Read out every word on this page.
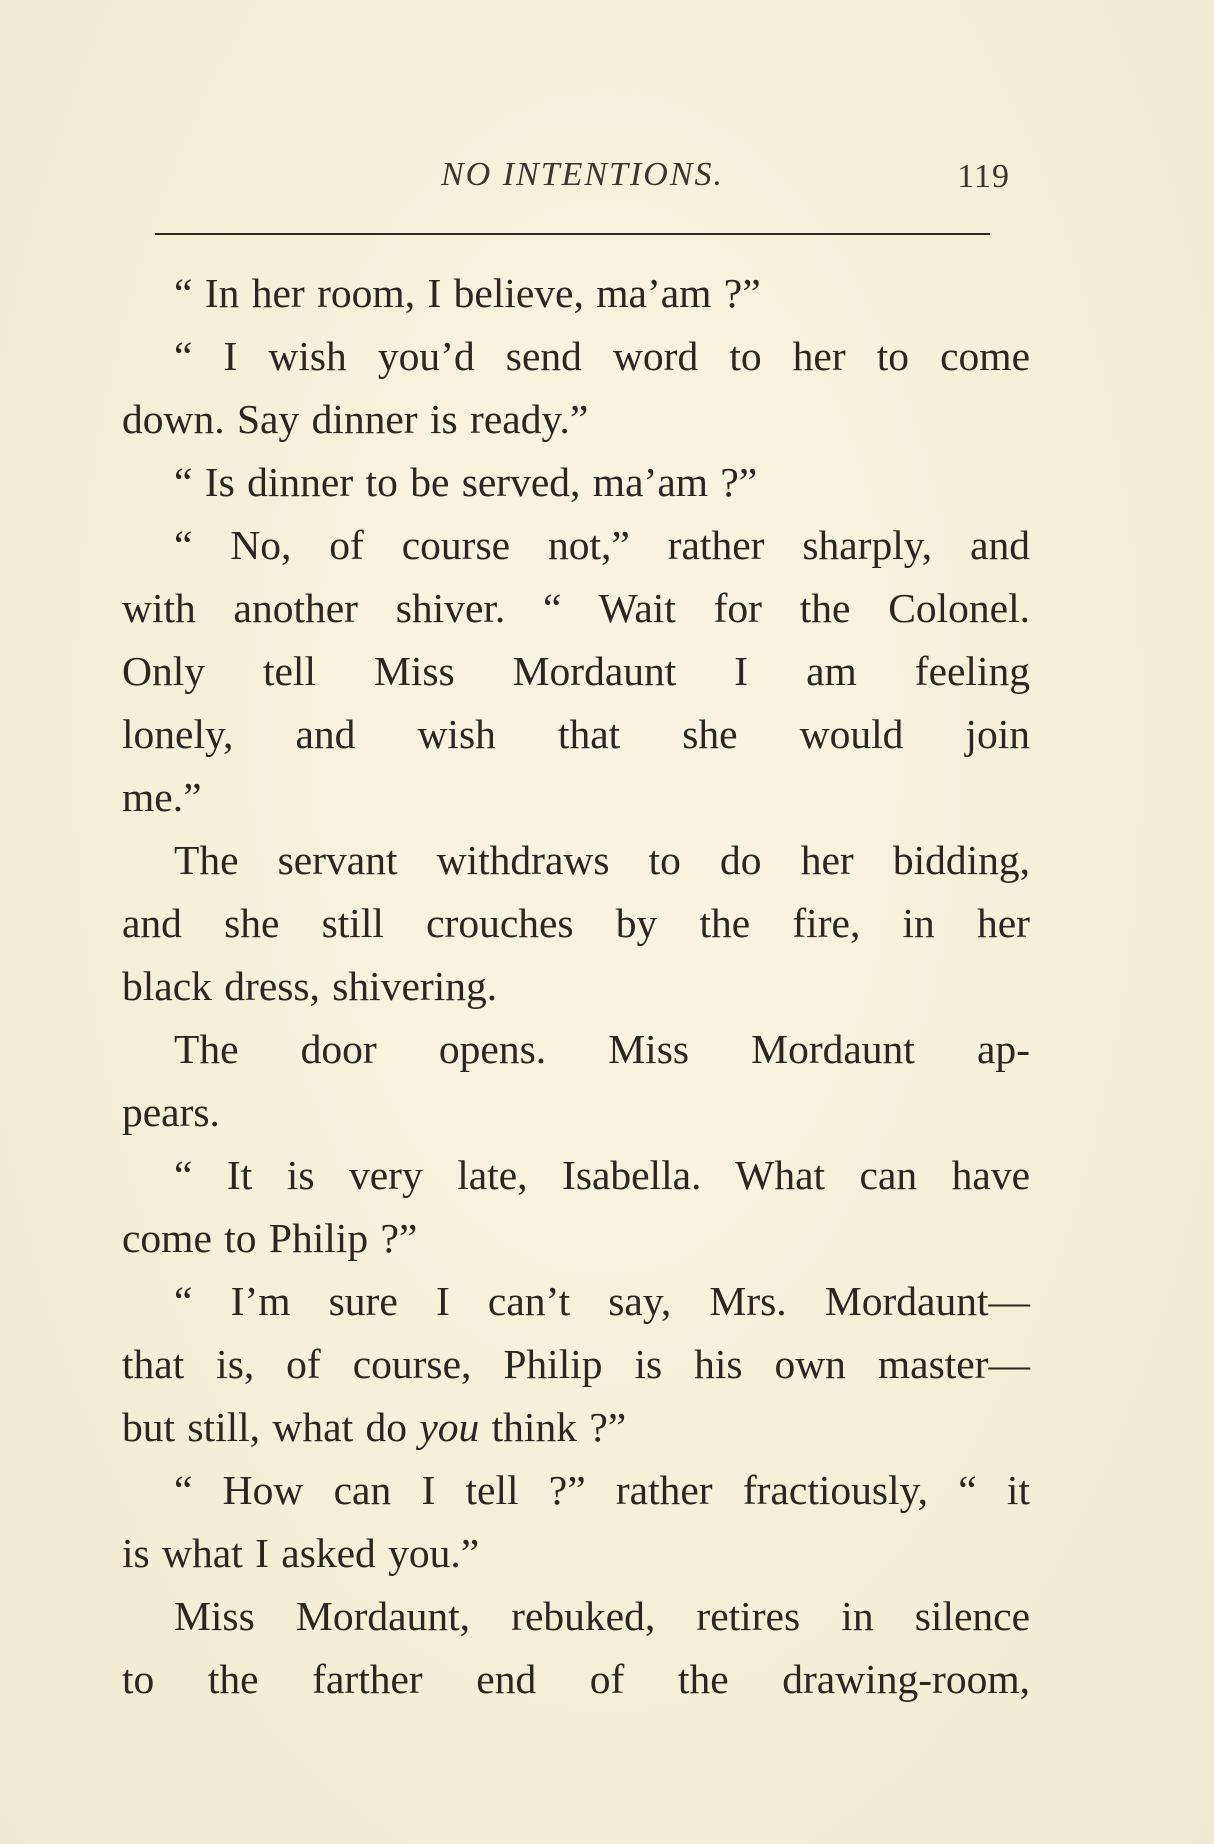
NO INTENTIONS.	119
“ In her room, I believe, ma’am ?”
“ I wish you’d send word to her to come
down. Say dinner is ready.”
“ Is dinner to be served, ma’am ?”
“ No, of course not,” rather sharply, and
with another shiver. “ Wait for the Colonel.
Only tell Miss Mordaunt I am feeling
lonely, and wish that she would join
me.”
The servant withdraws to do her bidding,
and she still crouches by the fire, in her
black dress, shivering.
The door opens. Miss Mordaunt ap-
pears.
“ It is very late, Isabella. What can have
come to Philip ?”
“ I’m sure I can’t say, Mrs. Mordaunt—
that is, of course, Philip is his own master—
but still, what do you think ?”
“ How can I tell ?” rather fractiously, “ it
is what I asked you.”
Miss Mordaunt, rebuked, retires in silence
to the farther end of the drawing-room,
